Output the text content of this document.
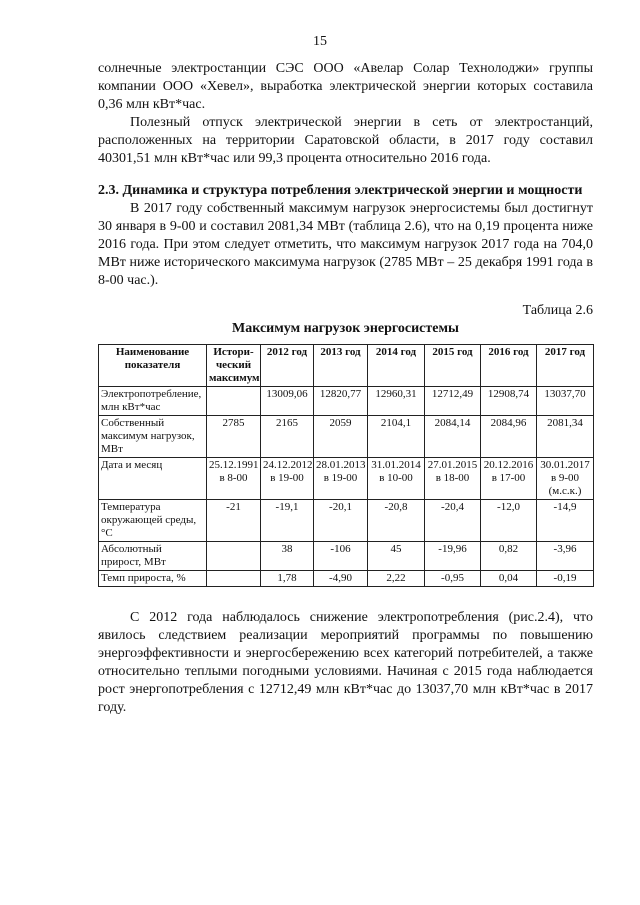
15

солнечные электростанции СЭС ООО «Авелар Солар Технолоджи» группы компании ООО «Хевел», выработка электрической энергии которых составила 0,36 млн кВт*час.

Полезный отпуск электрической энергии в сеть от электростанций, расположенных на территории Саратовской области, в 2017 году составил 40301,51 млн кВт*час или 99,3 процента относительно 2016 года.

2.3. Динамика и структура потребления электрической энергии и мощности

В 2017 году собственный максимум нагрузок энергосистемы был достигнут 30 января в 9-00 и составил 2081,34 МВт (таблица 2.6), что на 0,19 процента ниже 2016 года. При этом следует отметить, что максимум нагрузок 2017 года на 704,0 МВт ниже исторического максимума нагрузок (2785 МВт – 25 декабря 1991 года в 8-00 час.).

Таблица 2.6
Максимум нагрузок энергосистемы
Наименование показателя	Истори-ческий максимум	2012 год	2013 год	2014 год	2015 год	2016 год	2017 год
Электропотребление, млн кВт*час		13009,06	12820,77	12960,31	12712,49	12908,74	13037,70
Собственный максимум нагрузок, МВт	2785	2165	2059	2104,1	2084,14	2084,96	2081,34
Дата и месяц	25.12.1991 в 8-00	24.12.2012 в 19-00	28.01.2013 в 19-00	31.01.2014 в 10-00	27.01.2015 в 18-00	20.12.2016 в 17-00	30.01.2017 в 9-00 (м.с.к.)
Температура окружающей среды, °С	-21	-19,1	-20,1	-20,8	-20,4	-12,0	-14,9
Абсолютный прирост, МВт		38	-106	45	-19,96	0,82	-3,96
Темп прироста, %		1,78	-4,90	2,22	-0,95	0,04	-0,19

С 2012 года наблюдалось снижение электропотребления (рис.2.4), что явилось следствием реализации мероприятий программы по повышению энергоэффективности и энергосбережению всех категорий потребителей, а также относительно теплыми погодными условиями. Начиная с 2015 года наблюдается рост энергопотребления с 12712,49 млн кВт*час до 13037,70 млн кВт*час в 2017 году.
